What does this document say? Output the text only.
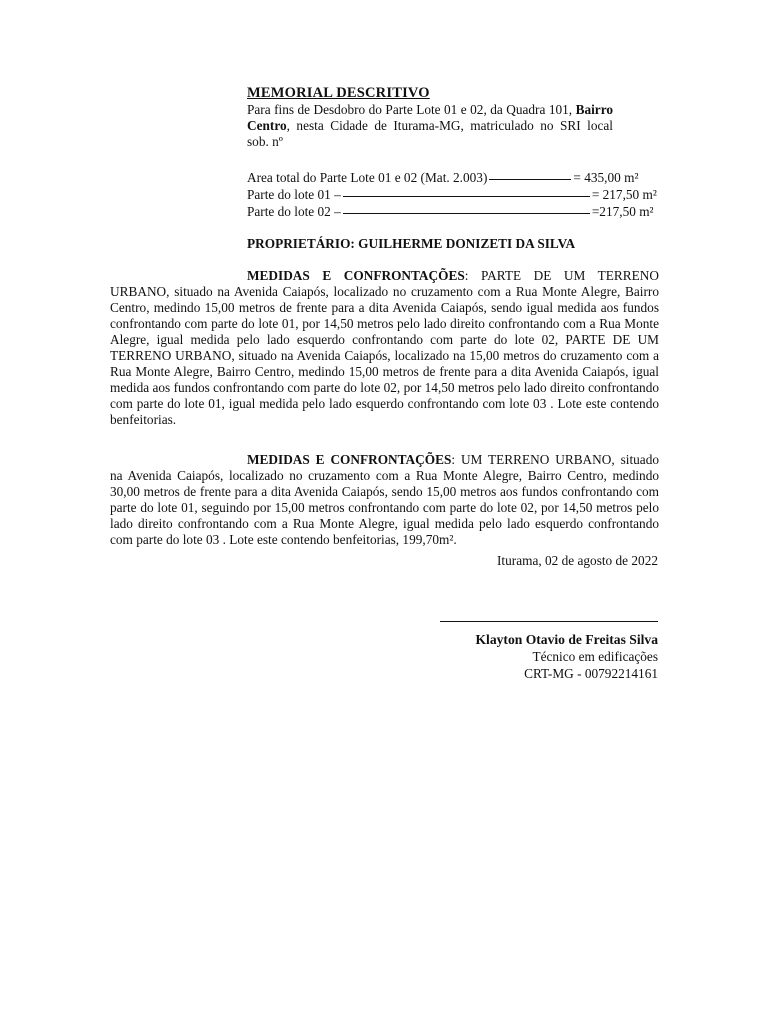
MEMORIAL DESCRITIVO

Para fins de Desdobro do Parte Lote 01 e 02, da Quadra 101, Bairro Centro, nesta Cidade de Iturama-MG, matriculado no SRI local sob. nº

Area total do Parte Lote 01 e 02 (Mat. 2.003)	= 435,00 m²
Parte do lote 01 –	= 217,50 m²
Parte do lote 02 –	=217,50 m²
PROPRIETÁRIO: GUILHERME DONIZETI DA SILVA

MEDIDAS E CONFRONTAÇÕES: PARTE DE UM TERRENO URBANO, situado na Avenida Caiapós, localizado no cruzamento com a Rua Monte Alegre, Bairro Centro, medindo 15,00 metros de frente para a dita Avenida Caiapós, sendo igual medida aos fundos confrontando com parte do lote 01, por 14,50 metros pelo lado direito confrontando com a Rua Monte Alegre, igual medida pelo lado esquerdo confrontando com parte do lote 02, PARTE DE UM TERRENO URBANO, situado na Avenida Caiapós, localizado na 15,00 metros do cruzamento com a Rua Monte Alegre, Bairro Centro, medindo 15,00 metros de frente para a dita Avenida Caiapós, igual medida aos fundos confrontando com parte do lote 02, por 14,50 metros pelo lado direito confrontando com parte do lote 01, igual medida pelo lado esquerdo confrontando com lote 03 . Lote este contendo benfeitorias.

MEDIDAS E CONFRONTAÇÕES: UM TERRENO URBANO, situado na Avenida Caiapós, localizado no cruzamento com a Rua Monte Alegre, Bairro Centro, medindo 30,00 metros de frente para a dita Avenida Caiapós, sendo 15,00 metros aos fundos confrontando com parte do lote 01, seguindo por 15,00 metros confrontando com parte do lote 02, por 14,50 metros pelo lado direito confrontando com a Rua Monte Alegre, igual medida pelo lado esquerdo confrontando com parte do lote 03 . Lote este contendo benfeitorias, 199,70m².

Iturama, 02 de agosto de 2022
Klayton Otavio de Freitas Silva
Técnico em edificações
CRT-MG - 00792214161
